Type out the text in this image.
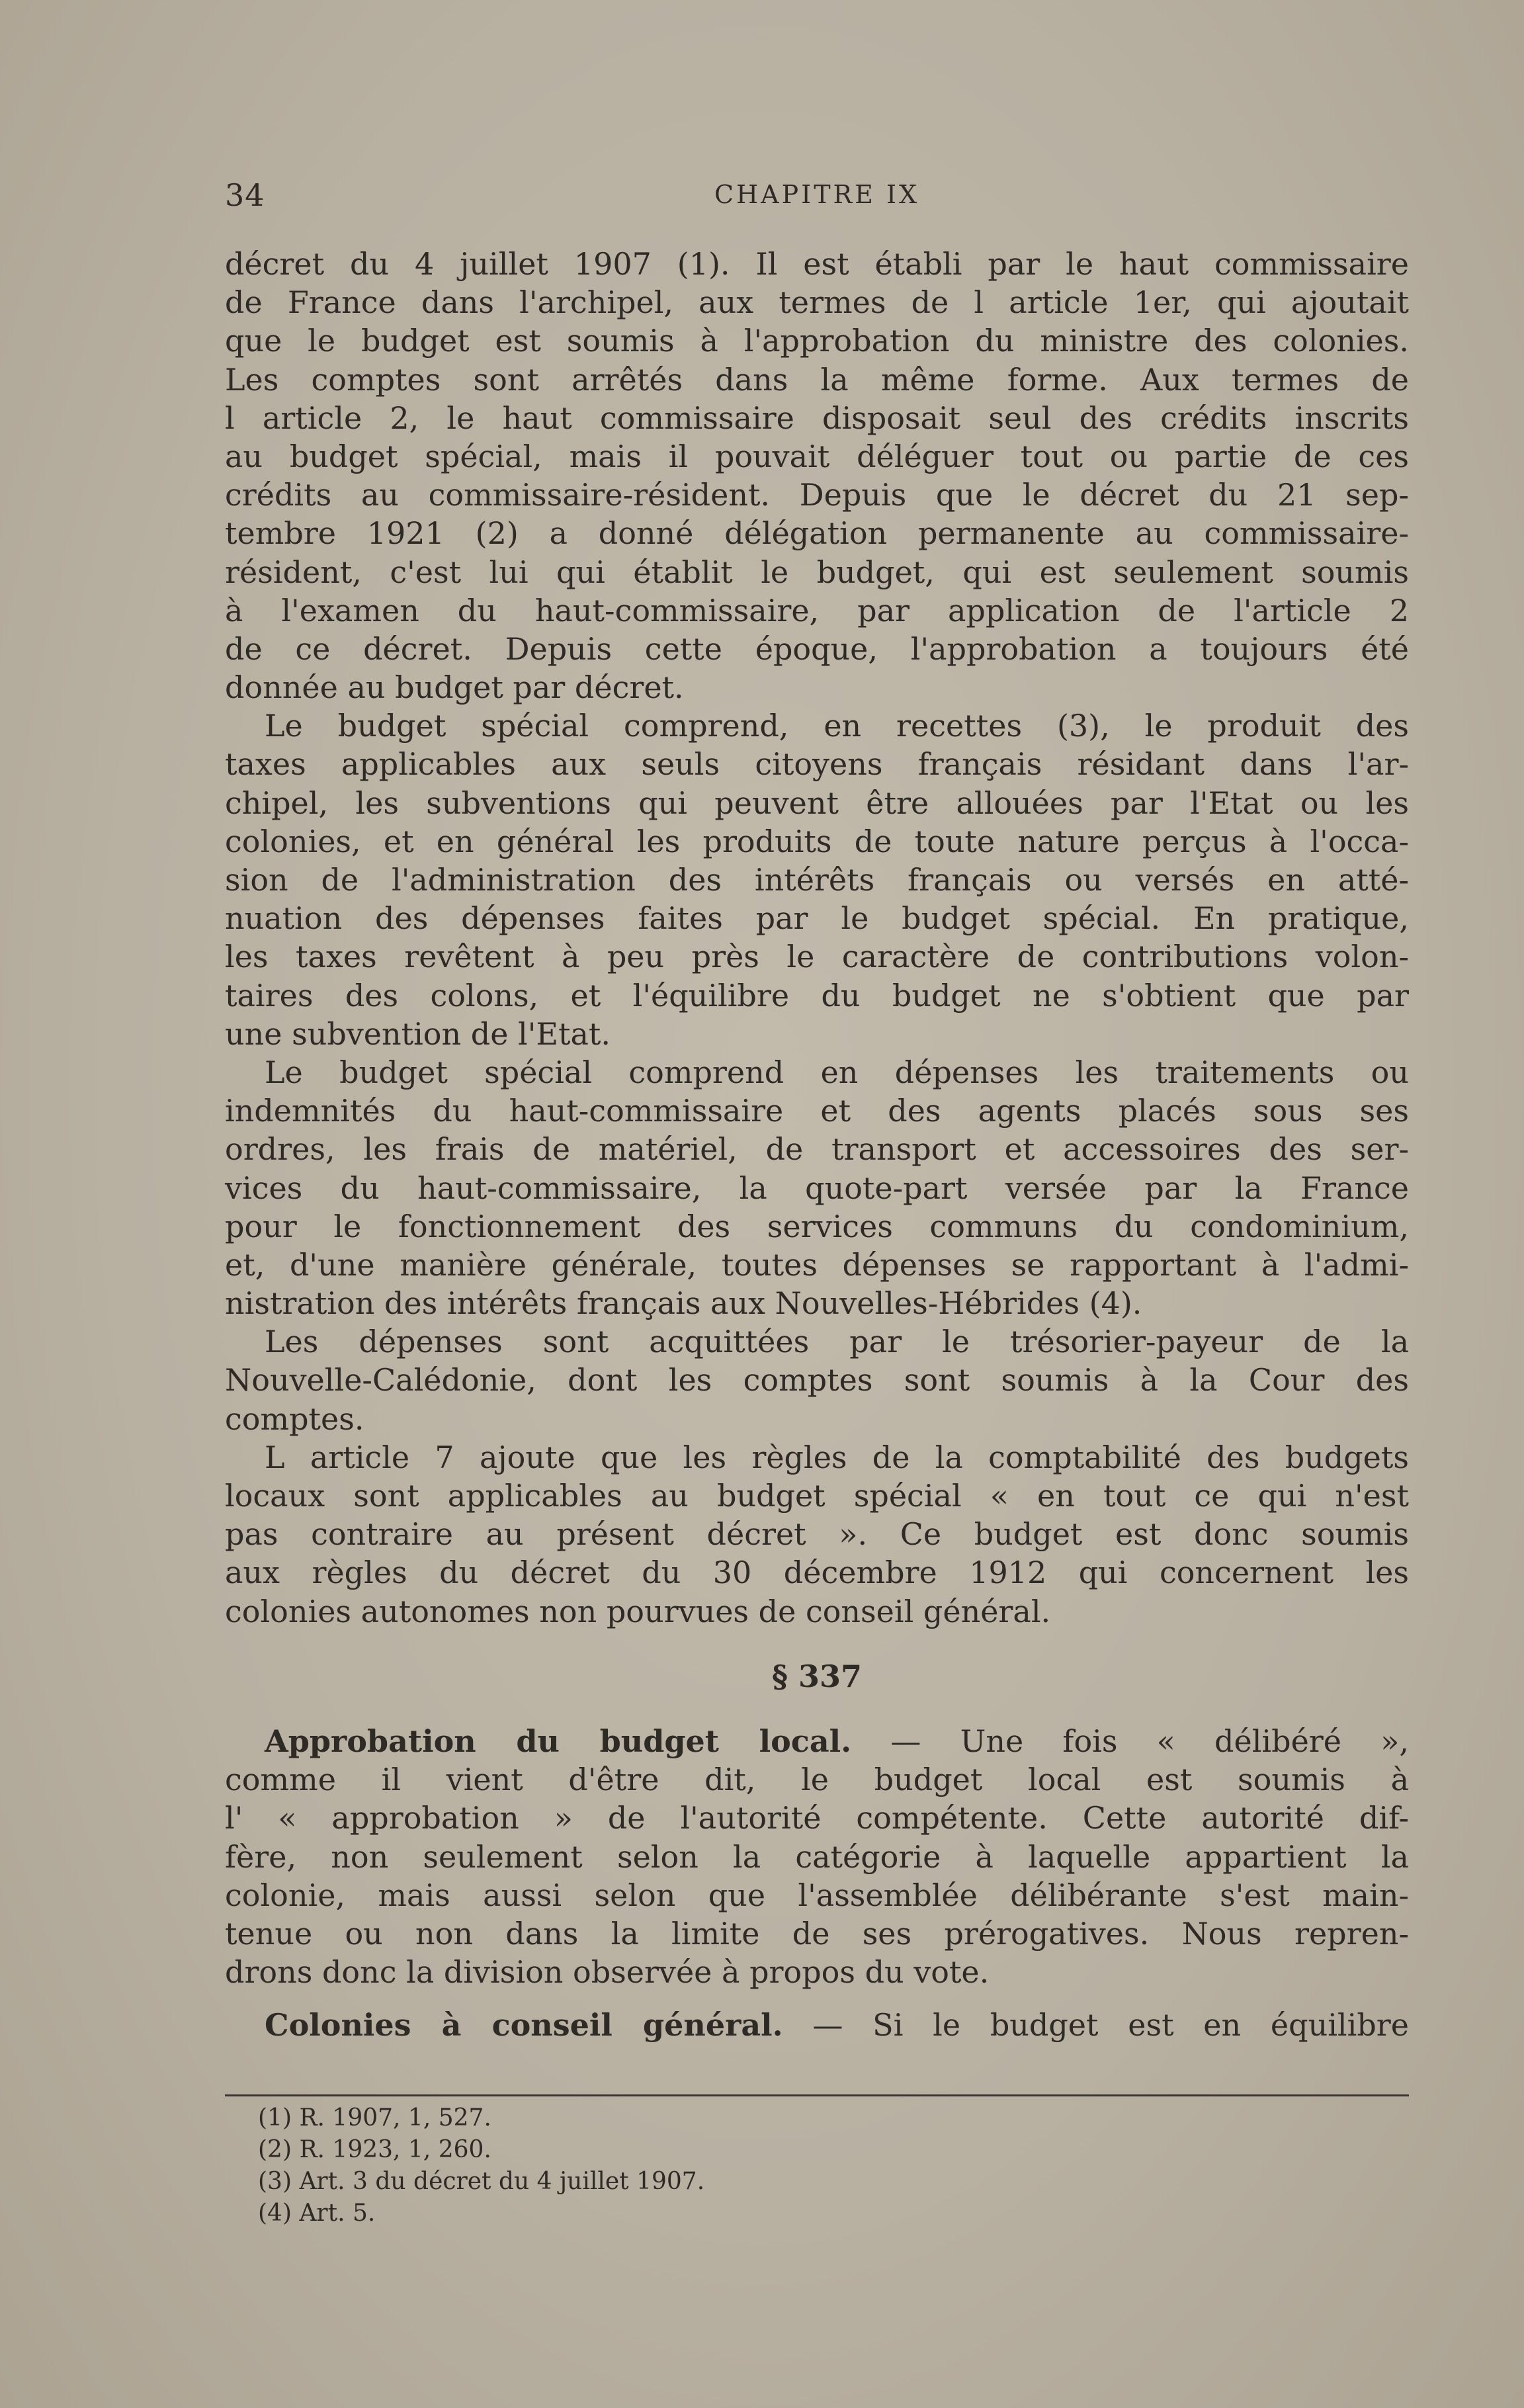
34	CHAPITRE IX
décret du 4 juillet 1907 (1). Il est établi par le haut commissaire
de France dans l'archipel, aux termes de l article 1er, qui ajoutait
que le budget est soumis à l'approbation du ministre des colonies.
Les comptes sont arrêtés dans la même forme. Aux termes de
l article 2, le haut commissaire disposait seul des crédits inscrits
au budget spécial, mais il pouvait déléguer tout ou partie de ces
crédits au commissaire-résident. Depuis que le décret du 21 sep-
tembre 1921 (2) a donné délégation permanente au commissaire-
résident, c'est lui qui établit le budget, qui est seulement soumis
à l'examen du haut-commissaire, par application de l'article 2
de ce décret. Depuis cette époque, l'approbation a toujours été
donnée au budget par décret.
Le budget spécial comprend, en recettes (3), le produit des
taxes applicables aux seuls citoyens français résidant dans l'ar-
chipel, les subventions qui peuvent être allouées par l'Etat ou les
colonies, et en général les produits de toute nature perçus à l'occa-
sion de l'administration des intérêts français ou versés en atté-
nuation des dépenses faites par le budget spécial. En pratique,
les taxes revêtent à peu près le caractère de contributions volon-
taires des colons, et l'équilibre du budget ne s'obtient que par
une subvention de l'Etat.
Le budget spécial comprend en dépenses les traitements ou
indemnités du haut-commissaire et des agents placés sous ses
ordres, les frais de matériel, de transport et accessoires des ser-
vices du haut-commissaire, la quote-part versée par la France
pour le fonctionnement des services communs du condominium,
et, d'une manière générale, toutes dépenses se rapportant à l'admi-
nistration des intérêts français aux Nouvelles-Hébrides (4).
Les dépenses sont acquittées par le trésorier-payeur de la
Nouvelle-Calédonie, dont les comptes sont soumis à la Cour des
comptes.
L article 7 ajoute que les règles de la comptabilité des budgets
locaux sont applicables au budget spécial « en tout ce qui n'est
pas contraire au présent décret ». Ce budget est donc soumis
aux règles du décret du 30 décembre 1912 qui concernent les
colonies autonomes non pourvues de conseil général.
§ 337
Approbation du budget local. — Une fois « délibéré »,
comme il vient d'être dit, le budget local est soumis à
l' « approbation » de l'autorité compétente. Cette autorité dif-
fère, non seulement selon la catégorie à laquelle appartient la
colonie, mais aussi selon que l'assemblée délibérante s'est main-
tenue ou non dans la limite de ses prérogatives. Nous repren-
drons donc la division observée à propos du vote.
Colonies à conseil général. — Si le budget est en équilibre
(1) R. 1907, 1, 527.
(2) R. 1923, 1, 260.
(3) Art. 3 du décret du 4 juillet 1907.
(4) Art. 5.
